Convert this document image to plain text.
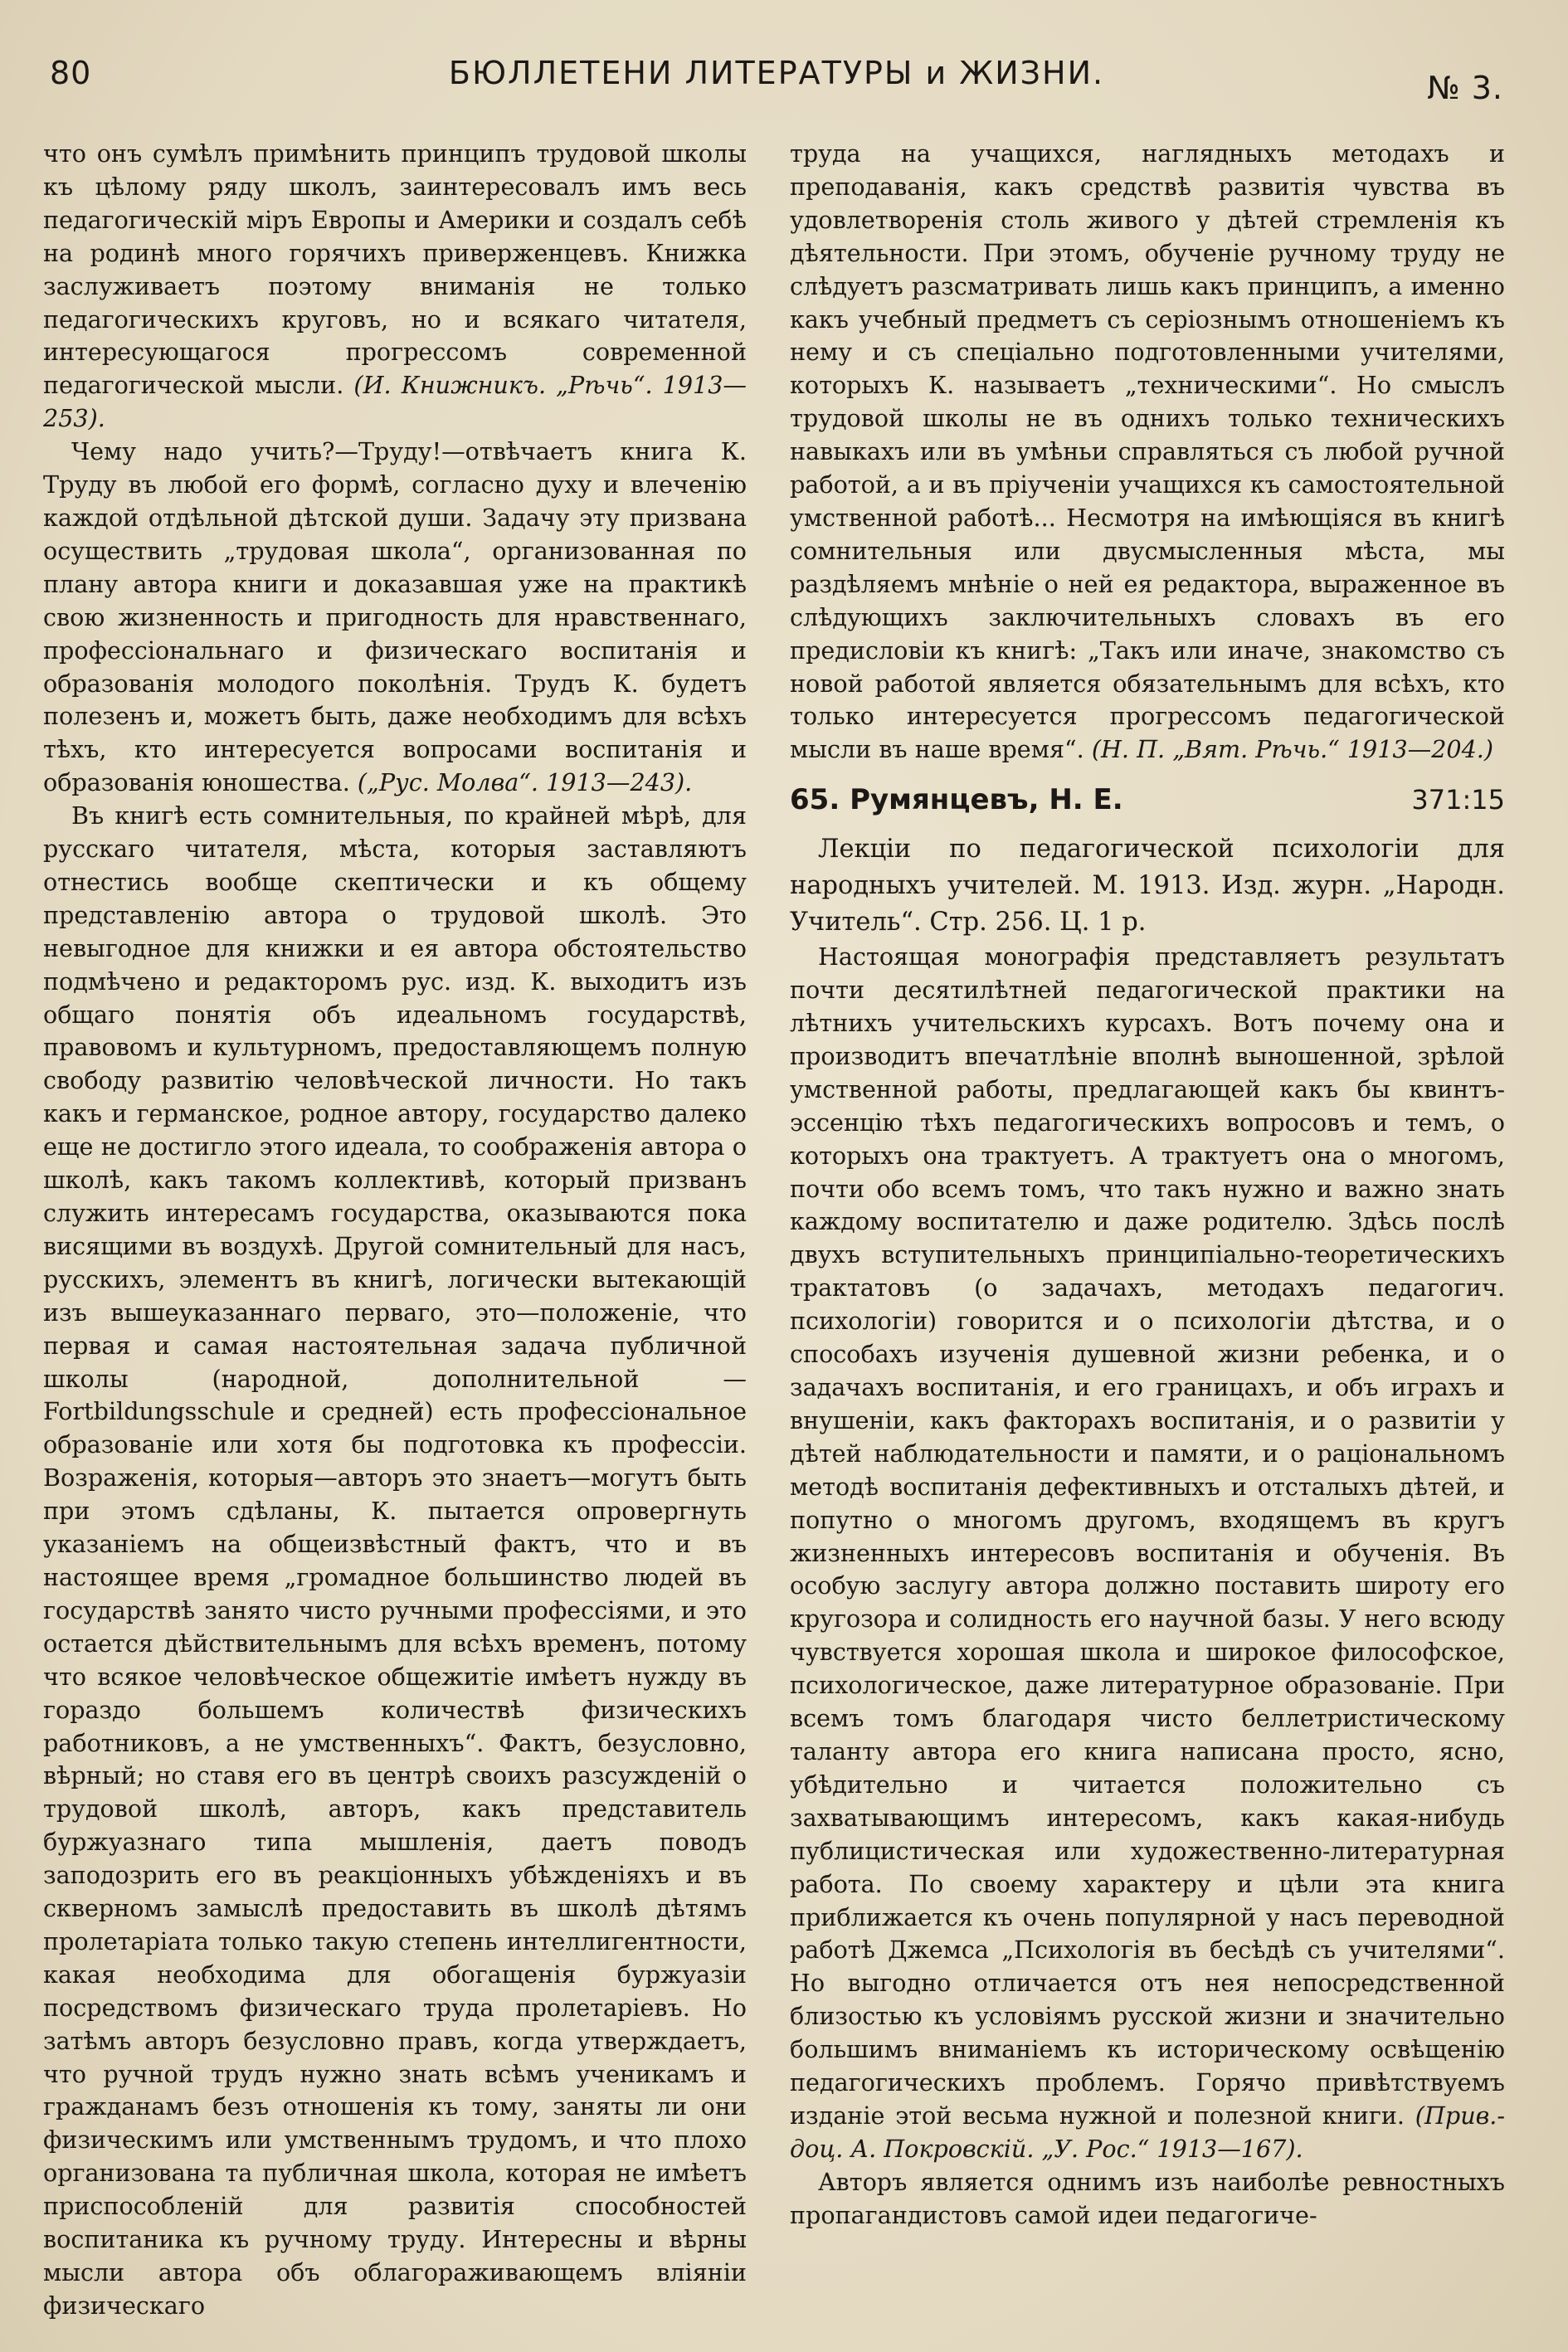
80	БЮЛЛЕТЕНИ ЛИТЕРАТУРЫ и ЖИЗНИ.	№ 3.

что онъ сумѣлъ примѣнить принципъ трудовой школы къ цѣлому ряду школъ, заинтересовалъ имъ весь педагогическій міръ Европы и Америки и создалъ себѣ на родинѣ много горячихъ приверженцевъ. Книжка заслуживаетъ поэтому вниманія не только педагогическихъ круговъ, но и всякаго читателя, интересующагося прогрессомъ современной педагогической мысли. (И. Книжникъ. „Рѣчь“. 1913—253).

Чему надо учить?—Труду!—отвѣчаетъ книга К. Труду въ любой его формѣ, согласно духу и влеченію каждой отдѣльной дѣтской души. Задачу эту призвана осуществить „трудовая школа“, организованная по плану автора книги и доказавшая уже на практикѣ свою жизненность и пригодность для нравственнаго, профессіональнаго и физическаго воспитанія и образованія молодого поколѣнія. Трудъ К. будетъ полезенъ и, можетъ быть, даже необходимъ для всѣхъ тѣхъ, кто интересуется вопросами воспитанія и образованія юношества. („Рус. Молва“. 1913—243).

Въ книгѣ есть сомнительныя, по крайней мѣрѣ, для русскаго читателя, мѣста, которыя заставляютъ отнестись вообще скептически и къ общему представленію автора о трудовой школѣ. Это невыгодное для книжки и ея автора обстоятельство подмѣчено и редакторомъ рус. изд. К. выходитъ изъ общаго понятія объ идеальномъ государствѣ, правовомъ и культурномъ, предоставляющемъ полную свободу развитію человѣческой личности. Но такъ какъ и германское, родное автору, государство далеко еще не достигло этого идеала, то соображенія автора о школѣ, какъ такомъ коллективѣ, который призванъ служить интересамъ государства, оказываются пока висящими въ воздухѣ. Другой сомнительный для насъ, русскихъ, элементъ въ книгѣ, логически вытекающій изъ вышеуказаннаго перваго, это—положеніе, что первая и самая настоятельная задача публичной школы (народной, дополнительной — Fortbildungsschule и средней) есть профессіональное образованіе или хотя бы подготовка къ профессіи. Возраженія, которыя—авторъ это знаетъ—могутъ быть при этомъ сдѣланы, К. пытается опровергнуть указаніемъ на общеизвѣстный фактъ, что и въ настоящее время „громадное большинство людей въ государствѣ занято чисто ручными профессіями, и это остается дѣйствительнымъ для всѣхъ временъ, потому что всякое человѣческое общежитіе имѣетъ нужду въ гораздо большемъ количествѣ физическихъ работниковъ, а не умственныхъ“. Фактъ, безусловно, вѣрный; но ставя его въ центрѣ своихъ разсужденій о трудовой школѣ, авторъ, какъ представитель буржуазнаго типа мышленія, даетъ поводъ заподозрить его въ реакціонныхъ убѣжденіяхъ и въ скверномъ замыслѣ предоставить въ школѣ дѣтямъ пролетаріата только такую степень интеллигентности, какая необходима для обогащенія буржуазіи посредствомъ физическаго труда пролетаріевъ. Но затѣмъ авторъ безусловно правъ, когда утверждаетъ, что ручной трудъ нужно знать всѣмъ ученикамъ и гражданамъ безъ отношенія къ тому, заняты ли они физическимъ или умственнымъ трудомъ, и что плохо организована та публичная школа, которая не имѣетъ приспособленій для развитія способностей воспитаника къ ручному труду. Интересны и вѣрны мысли автора объ облагораживающемъ вліяніи физическаго

труда на учащихся, наглядныхъ методахъ и преподаванія, какъ средствѣ развитія чувства въ удовлетворенія столь живого у дѣтей стремленія къ дѣятельности. При этомъ, обученіе ручному труду не слѣдуетъ разсматривать лишь какъ принципъ, а именно какъ учебный предметъ съ серіознымъ отношеніемъ къ нему и съ спеціально подготовленными учителями, которыхъ К. называетъ „техническими“. Но смыслъ трудовой школы не въ однихъ только техническихъ навыкахъ или въ умѣньи справляться съ любой ручной работой, а и въ пріученіи учащихся къ самостоятельной умственной работѣ... Несмотря на имѣющіяся въ книгѣ сомнительныя или двусмысленныя мѣста, мы раздѣляемъ мнѣніе о ней ея редактора, выраженное въ слѣдующихъ заключительныхъ словахъ въ его предисловіи къ книгѣ: „Такъ или иначе, знакомство съ новой работой является обязательнымъ для всѣхъ, кто только интересуется прогрессомъ педагогической мысли въ наше время“. (Н. П. „Вят. Рѣчь.“ 1913—204.)

65. Румянцевъ, Н. Е.	371:15

Лекціи по педагогической психологіи для народныхъ учителей. М. 1913. Изд. журн. „Народн. Учитель“. Стр. 256. Ц. 1 р.

Настоящая монографія представляетъ результатъ почти десятилѣтней педагогической практики на лѣтнихъ учительскихъ курсахъ. Вотъ почему она и производитъ впечатлѣніе вполнѣ выношенной, зрѣлой умственной работы, предлагающей какъ бы квинтъ-эссенцію тѣхъ педагогическихъ вопросовъ и темъ, о которыхъ она трактуетъ. А трактуетъ она о многомъ, почти обо всемъ томъ, что такъ нужно и важно знать каждому воспитателю и даже родителю. Здѣсь послѣ двухъ вступительныхъ принципіально-теоретическихъ трактатовъ (о задачахъ, методахъ педагогич. психологіи) говорится и о психологіи дѣтства, и о способахъ изученія душевной жизни ребенка, и о задачахъ воспитанія, и его границахъ, и объ играхъ и внушеніи, какъ факторахъ воспитанія, и о развитіи у дѣтей наблюдательности и памяти, и о раціональномъ методѣ воспитанія дефективныхъ и отсталыхъ дѣтей, и попутно о многомъ другомъ, входящемъ въ кругъ жизненныхъ интересовъ воспитанія и обученія. Въ особую заслугу автора должно поставить ширoту его кругозора и солидность его научной базы. У него всюду чувствуется хорошая школа и широкое философское, психологическое, даже литературное образованіе. При всемъ томъ благодаря чисто беллетристическому таланту автора его книга написана просто, ясно, убѣдительно и читается положительно съ захватывающимъ интересомъ, какъ какая-нибудь публицистическая или художественно-литературная работа. По своему характеру и цѣли эта книга приближается къ очень популярной у насъ переводной работѣ Джемса „Психологія въ бесѣдѣ съ учителями“. Но выгодно отличается отъ нея непосредственной близостью къ условіямъ русской жизни и значительно большимъ вниманіемъ къ историческому освѣщенію педагогическихъ проблемъ. Горячо привѣтствуемъ изданіе этой весьма нужной и полезной книги. (Прив.-доц. А. Покровскій. „У. Рос.“ 1913—167).

Авторъ является однимъ изъ наиболѣе ревностныхъ пропагандистовъ самой идеи педагогиче-
